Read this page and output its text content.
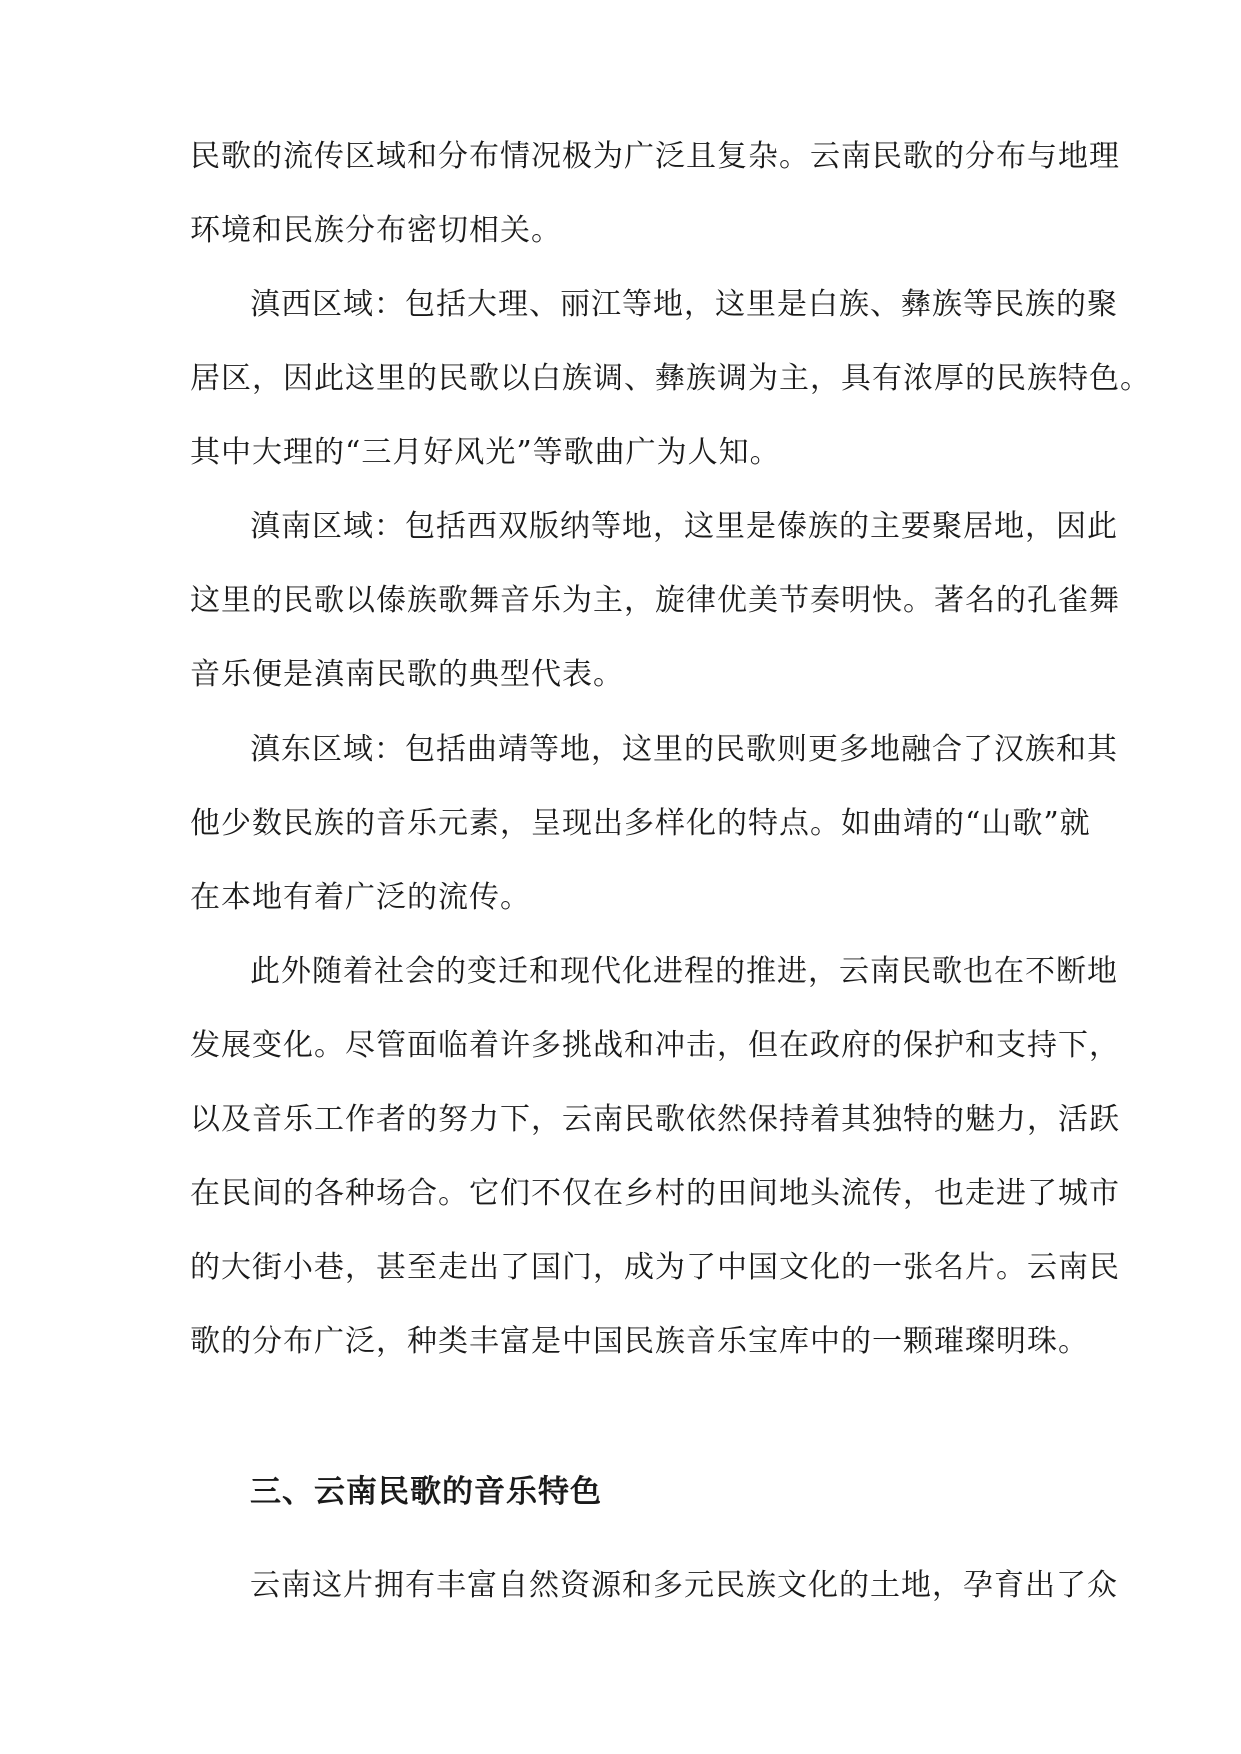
民歌的流传区域和分布情况极为广泛且复杂。云南民歌的分布与地理
环境和民族分布密切相关。
滇西区域：包括大理、丽江等地，这里是白族、彝族等民族的聚
居区，因此这里的民歌以白族调、彝族调为主，具有浓厚的民族特色。
其中大理的“三月好风光”等歌曲广为人知。
滇南区域：包括西双版纳等地，这里是傣族的主要聚居地，因此
这里的民歌以傣族歌舞音乐为主，旋律优美节奏明快。著名的孔雀舞
音乐便是滇南民歌的典型代表。
滇东区域：包括曲靖等地，这里的民歌则更多地融合了汉族和其
他少数民族的音乐元素，呈现出多样化的特点。如曲靖的“山歌”就
在本地有着广泛的流传。
此外随着社会的变迁和现代化进程的推进，云南民歌也在不断地
发展变化。尽管面临着许多挑战和冲击，但在政府的保护和支持下，
以及音乐工作者的努力下，云南民歌依然保持着其独特的魅力，活跃
在民间的各种场合。它们不仅在乡村的田间地头流传，也走进了城市
的大街小巷，甚至走出了国门，成为了中国文化的一张名片。云南民
歌的分布广泛，种类丰富是中国民族音乐宝库中的一颗璀璨明珠。
三、云南民歌的音乐特色
云南这片拥有丰富自然资源和多元民族文化的土地，孕育出了众
